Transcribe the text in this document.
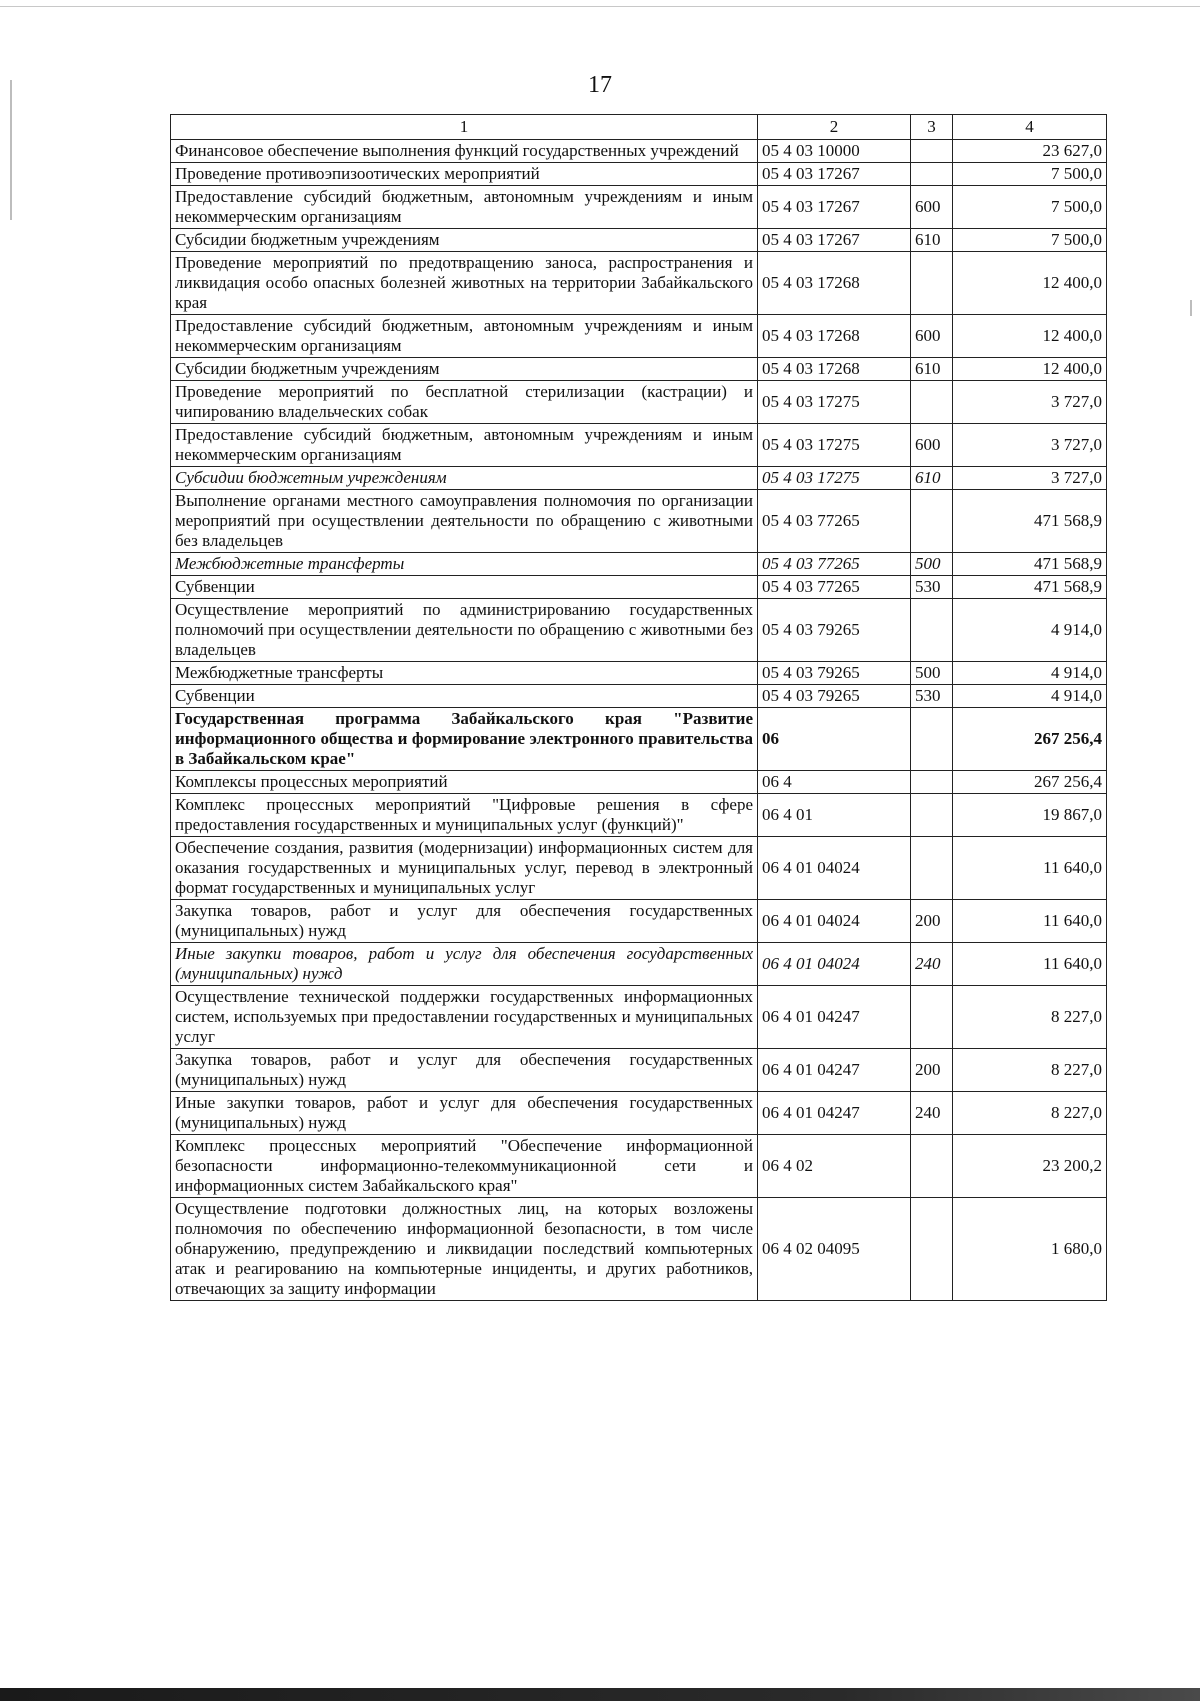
17
1	2	3	4
Финансовое обеспечение выполнения функций государственных учреждений	05 4 03 10000		23 627,0
Проведение противоэпизоотических мероприятий	05 4 03 17267		7 500,0
Предоставление субсидий бюджетным, автономным учреждениям и иным некоммерческим организациям	05 4 03 17267	600	7 500,0
Субсидии бюджетным учреждениям	05 4 03 17267	610	7 500,0
Проведение мероприятий по предотвращению заноса, распространения и ликвидация особо опасных болезней животных на территории Забайкальского края	05 4 03 17268		12 400,0
Предоставление субсидий бюджетным, автономным учреждениям и иным некоммерческим организациям	05 4 03 17268	600	12 400,0
Субсидии бюджетным учреждениям	05 4 03 17268	610	12 400,0
Проведение мероприятий по бесплатной стерилизации (кастрации) и чипированию владельческих собак	05 4 03 17275		3 727,0
Предоставление субсидий бюджетным, автономным учреждениям и иным некоммерческим организациям	05 4 03 17275	600	3 727,0
Субсидии бюджетным учреждениям	05 4 03 17275	610	3 727,0
Выполнение органами местного самоуправления полномочия по организации мероприятий при осуществлении деятельности по обращению с животными без владельцев	05 4 03 77265		471 568,9
Межбюджетные трансферты	05 4 03 77265	500	471 568,9
Субвенции	05 4 03 77265	530	471 568,9
Осуществление мероприятий по администрированию государственных полномочий при осуществлении деятельности по обращению с животными без владельцев	05 4 03 79265		4 914,0
Межбюджетные трансферты	05 4 03 79265	500	4 914,0
Субвенции	05 4 03 79265	530	4 914,0
Государственная программа Забайкальского края "Развитие информационного общества и формирование электронного правительства в Забайкальском крае"	06		267 256,4
Комплексы процессных мероприятий	06 4		267 256,4
Комплекс процессных мероприятий "Цифровые решения в сфере предоставления государственных и муниципальных услуг (функций)"	06 4 01		19 867,0
Обеспечение создания, развития (модернизации) информационных систем для оказания государственных и муниципальных услуг, перевод в электронный формат государственных и муниципальных услуг	06 4 01 04024		11 640,0
Закупка товаров, работ и услуг для обеспечения государственных (муниципальных) нужд	06 4 01 04024	200	11 640,0
Иные закупки товаров, работ и услуг для обеспечения государственных (муниципальных) нужд	06 4 01 04024	240	11 640,0
Осуществление технической поддержки государственных информационных систем, используемых при предоставлении государственных и муниципальных услуг	06 4 01 04247		8 227,0
Закупка товаров, работ и услуг для обеспечения государственных (муниципальных) нужд	06 4 01 04247	200	8 227,0
Иные закупки товаров, работ и услуг для обеспечения государственных (муниципальных) нужд	06 4 01 04247	240	8 227,0
Комплекс процессных мероприятий "Обеспечение информационной безопасности информационно-телекоммуникационной сети и информационных систем Забайкальского края"	06 4 02		23 200,2
Осуществление подготовки должностных лиц, на которых возложены полномочия по обеспечению информационной безопасности, в том числе обнаружению, предупреждению и ликвидации последствий компьютерных атак и реагированию на компьютерные инциденты, и других работников, отвечающих за защиту информации	06 4 02 04095		1 680,0
